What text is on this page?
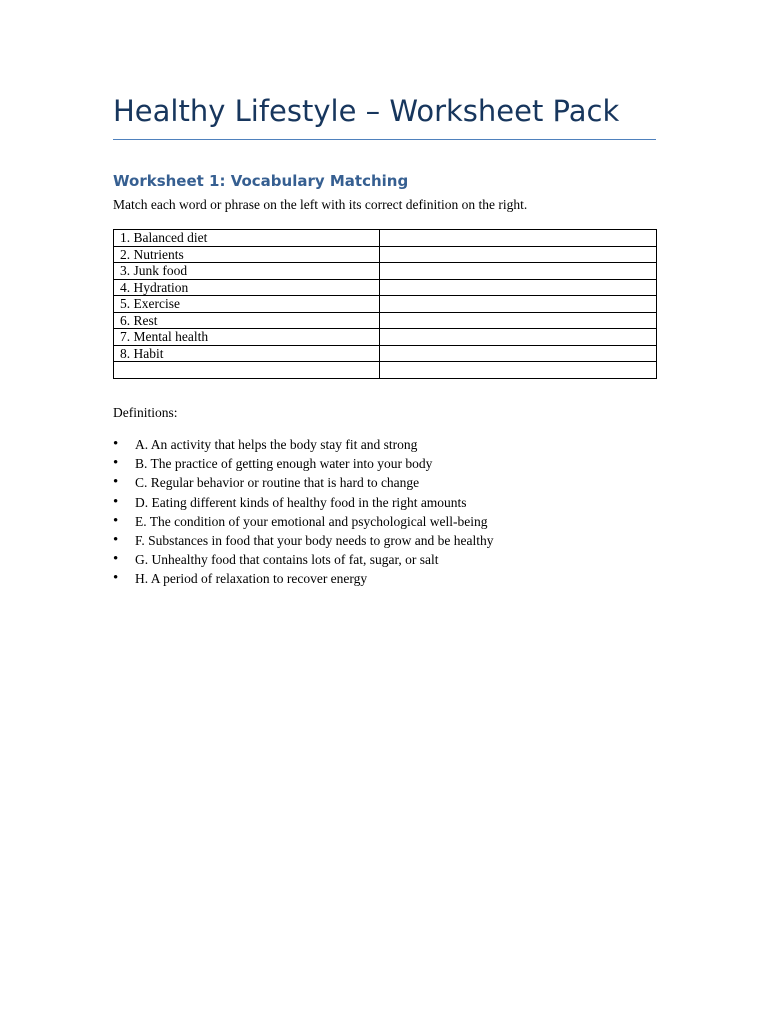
Healthy Lifestyle – Worksheet Pack
Worksheet 1: Vocabulary Matching
Match each word or phrase on the left with its correct definition on the right.
1. Balanced diet	
2. Nutrients	
3. Junk food	
4. Hydration	
5. Exercise	
6. Rest	
7. Mental health	
8. Habit	

Definitions:
• A. An activity that helps the body stay fit and strong
• B. The practice of getting enough water into your body
• C. Regular behavior or routine that is hard to change
• D. Eating different kinds of healthy food in the right amounts
• E. The condition of your emotional and psychological well-being
• F. Substances in food that your body needs to grow and be healthy
• G. Unhealthy food that contains lots of fat, sugar, or salt
• H. A period of relaxation to recover energy
